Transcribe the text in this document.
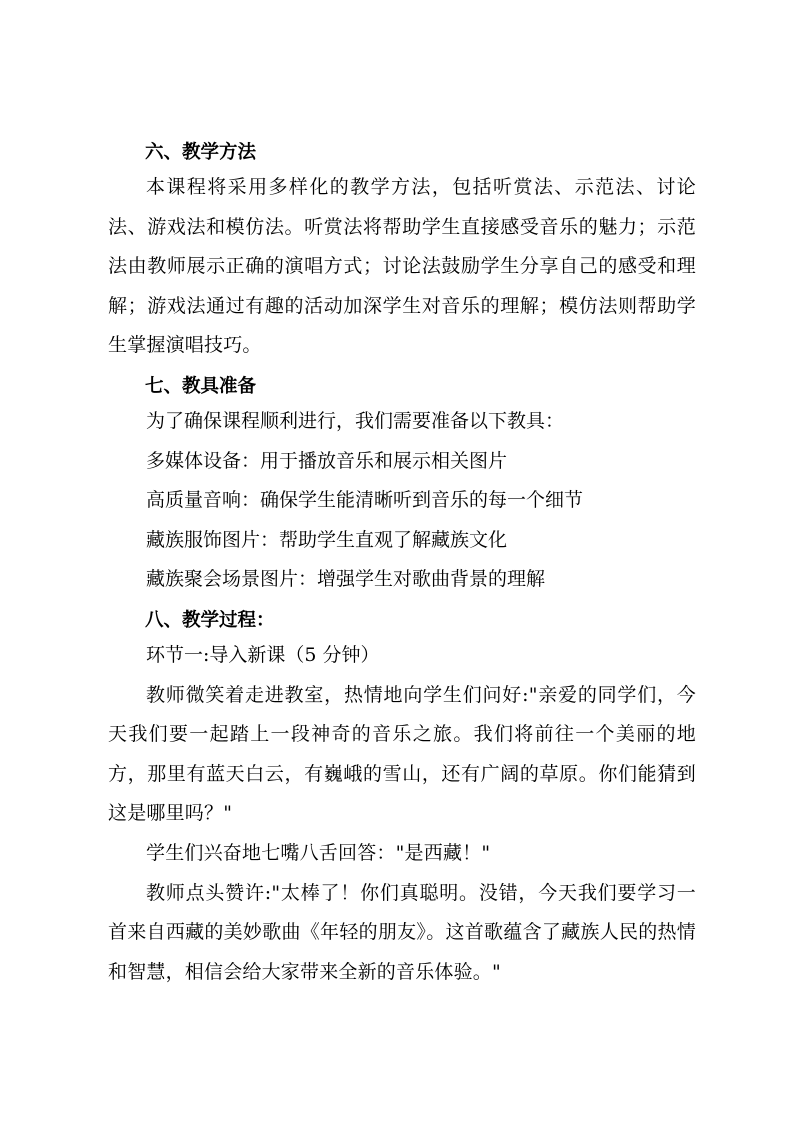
六、教学方法

本课程将采用多样化的教学方法，包括听赏法、示范法、讨论法、游戏法和模仿法。听赏法将帮助学生直接感受音乐的魅力；示范法由教师展示正确的演唱方式；讨论法鼓励学生分享自己的感受和理解；游戏法通过有趣的活动加深学生对音乐的理解；模仿法则帮助学生掌握演唱技巧。

七、教具准备

为了确保课程顺利进行，我们需要准备以下教具：

多媒体设备：用于播放音乐和展示相关图片

高质量音响：确保学生能清晰听到音乐的每一个细节

藏族服饰图片：帮助学生直观了解藏族文化

藏族聚会场景图片：增强学生对歌曲背景的理解

八、教学过程：

环节一:导入新课（5 分钟）

教师微笑着走进教室，热情地向学生们问好:"亲爱的同学们，今天我们要一起踏上一段神奇的音乐之旅。我们将前往一个美丽的地方，那里有蓝天白云，有巍峨的雪山，还有广阔的草原。你们能猜到这是哪里吗？"

学生们兴奋地七嘴八舌回答："是西藏！"

教师点头赞许:"太棒了！你们真聪明。没错，今天我们要学习一首来自西藏的美妙歌曲《年轻的朋友》。这首歌蕴含了藏族人民的热情和智慧，相信会给大家带来全新的音乐体验。"
